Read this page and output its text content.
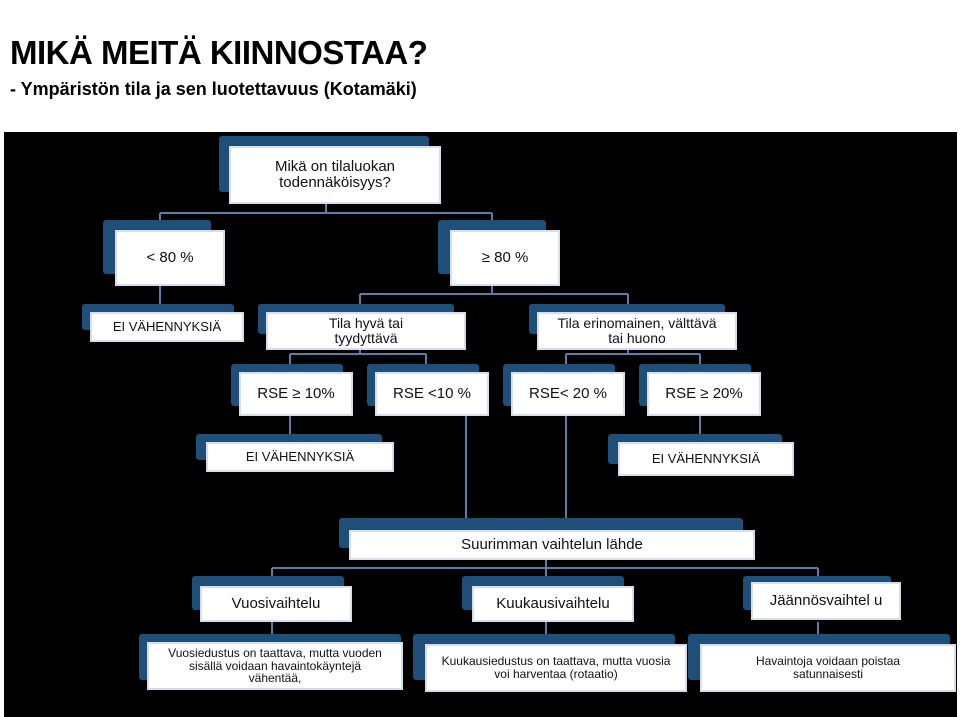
MIKÄ MEITÄ KIINNOSTAA?
- Ympäristön tila ja sen luotettavuus (Kotamäki)
Mikä on tilaluokan todennäköisyys?
< 80 %	≥ 80 %
EI VÄHENNYKSIÄ	Tila hyvä tai tyydyttävä
Tila erinomainen, välttävä tai huono
RSE ≥ 10%	RSE <10 %	RSE< 20 %	RSE ≥ 20%
EI VÄHENNYKSIÄ	EI VÄHENNYKSIÄ
Suurimman vaihtelun lähde
Vuosivaihtelu	Kuukausivaihtelu	Jäännösvaihtel u
Vuosiedustus on taattava, mutta vuoden sisällä voidaan havaintokäyntejä vähentää,
Kuukausiedustus on taattava, mutta vuosia voi harventaa (rotaatio)
Havaintoja voidaan poistaa satunnaisesti
